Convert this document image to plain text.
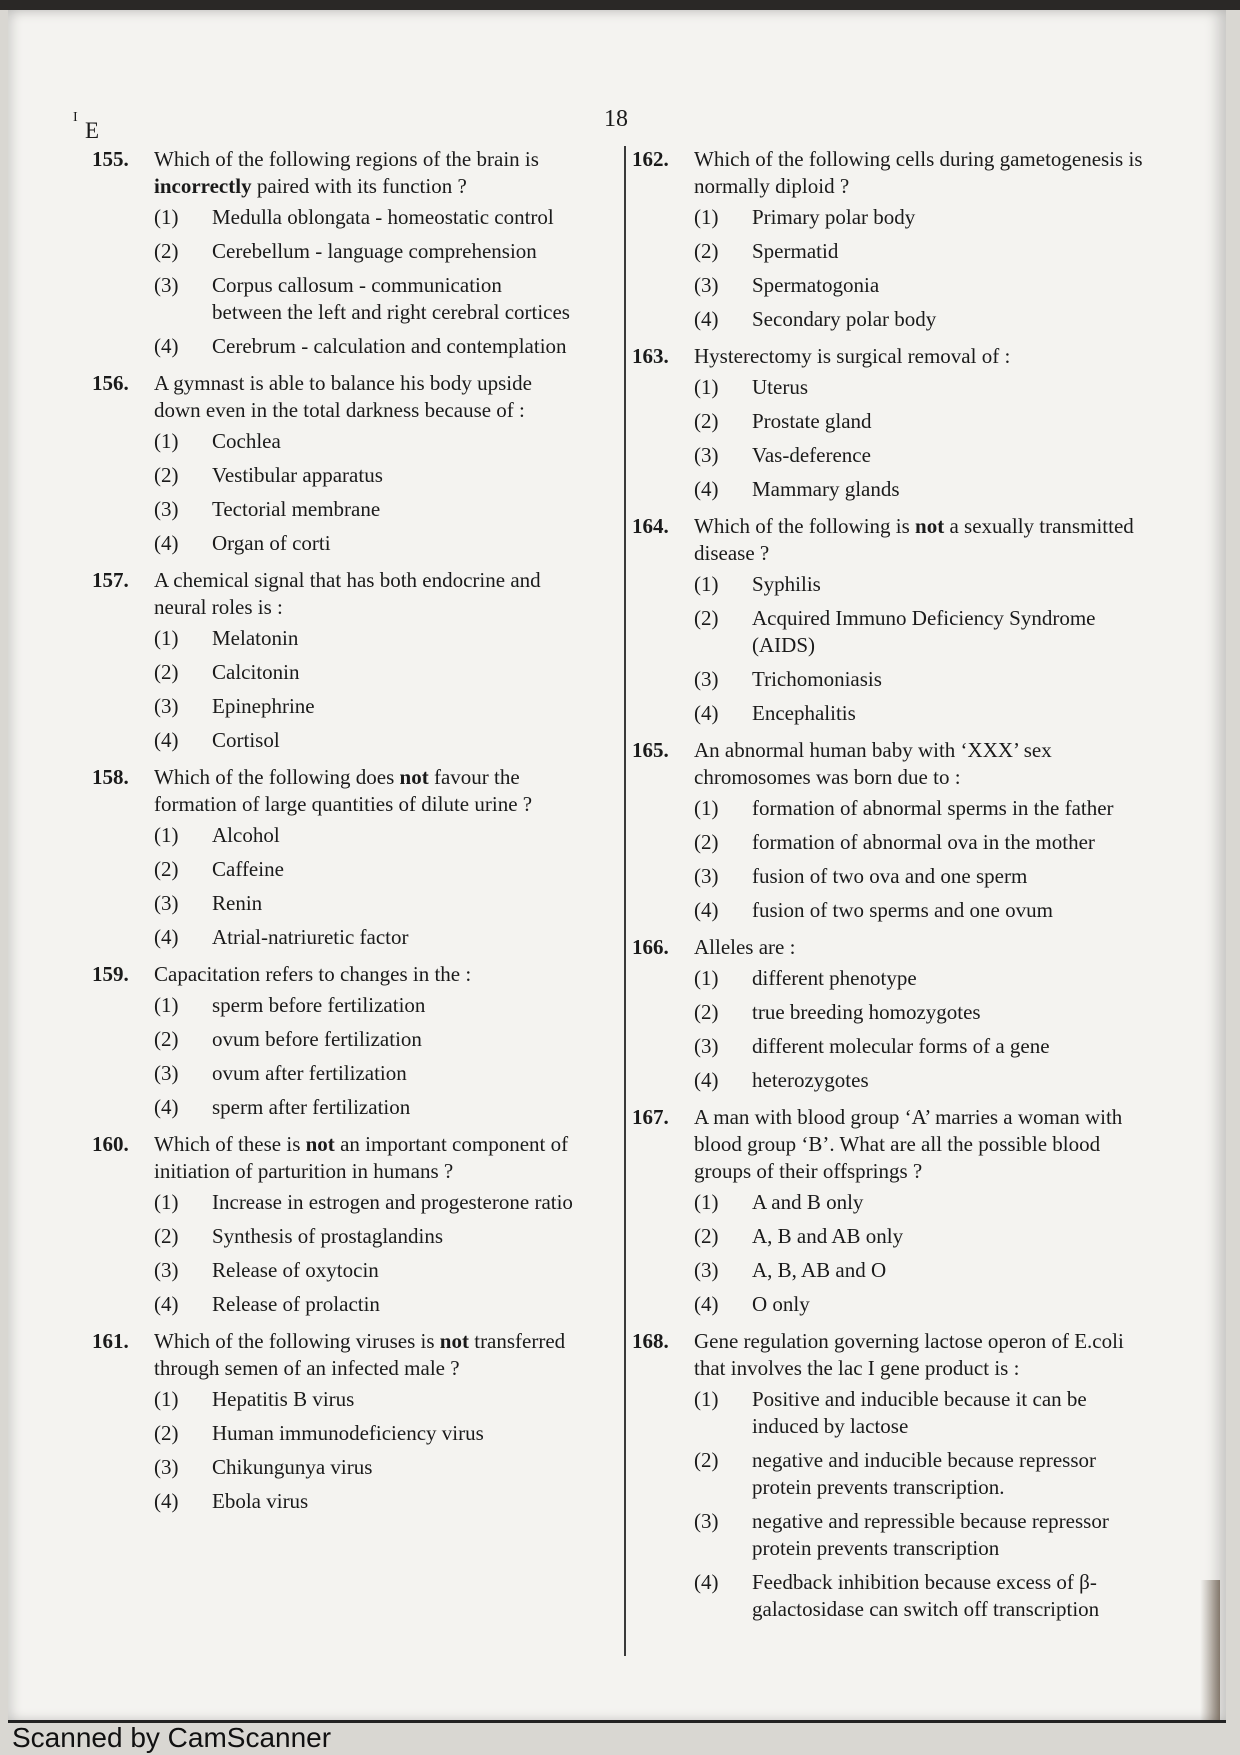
I
E	18
155.	Which of the following regions of the brain is incorrectly paired with its function ?
(1)	Medulla oblongata - homeostatic control
(2)	Cerebellum - language comprehension
(3)	Corpus callosum - communication between the left and right cerebral cortices
(4)	Cerebrum - calculation and contemplation
156.	A gymnast is able to balance his body upside down even in the total darkness because of :
(1)	Cochlea
(2)	Vestibular apparatus
(3)	Tectorial membrane
(4)	Organ of corti
157.	A chemical signal that has both endocrine and neural roles is :
(1)	Melatonin
(2)	Calcitonin
(3)	Epinephrine
(4)	Cortisol
158.	Which of the following does not favour the formation of large quantities of dilute urine ?
(1)	Alcohol
(2)	Caffeine
(3)	Renin
(4)	Atrial-natriuretic factor
159.	Capacitation refers to changes in the :
(1)	sperm before fertilization
(2)	ovum before fertilization
(3)	ovum after fertilization
(4)	sperm after fertilization
160.	Which of these is not an important component of initiation of parturition in humans ?
(1)	Increase in estrogen and progesterone ratio
(2)	Synthesis of prostaglandins
(3)	Release of oxytocin
(4)	Release of prolactin
161.	Which of the following viruses is not transferred through semen of an infected male ?
(1)	Hepatitis B virus
(2)	Human immunodeficiency virus
(3)	Chikungunya virus
(4)	Ebola virus
162.	Which of the following cells during gametogenesis is normally diploid ?
(1)	Primary polar body
(2)	Spermatid
(3)	Spermatogonia
(4)	Secondary polar body
163.	Hysterectomy is surgical removal of :
(1)	Uterus
(2)	Prostate gland
(3)	Vas-deference
(4)	Mammary glands
164.	Which of the following is not a sexually transmitted disease ?
(1)	Syphilis
(2)	Acquired Immuno Deficiency Syndrome (AIDS)
(3)	Trichomoniasis
(4)	Encephalitis
165.	An abnormal human baby with ‘XXX’ sex chromosomes was born due to :
(1)	formation of abnormal sperms in the father
(2)	formation of abnormal ova in the mother
(3)	fusion of two ova and one sperm
(4)	fusion of two sperms and one ovum
166.	Alleles are :
(1)	different phenotype
(2)	true breeding homozygotes
(3)	different molecular forms of a gene
(4)	heterozygotes
167.	A man with blood group ‘A’ marries a woman with blood group ‘B’. What are all the possible blood groups of their offsprings ?
(1)	A and B only
(2)	A, B and AB only
(3)	A, B, AB and O
(4)	O only
168.	Gene regulation governing lactose operon of E.coli that involves the lac I gene product is :
(1)	Positive and inducible because it can be induced by lactose
(2)	negative and inducible because repressor protein prevents transcription.
(3)	negative and repressible because repressor protein prevents transcription
(4)	Feedback inhibition because excess of β-galactosidase can switch off transcription
Scanned by CamScanner
